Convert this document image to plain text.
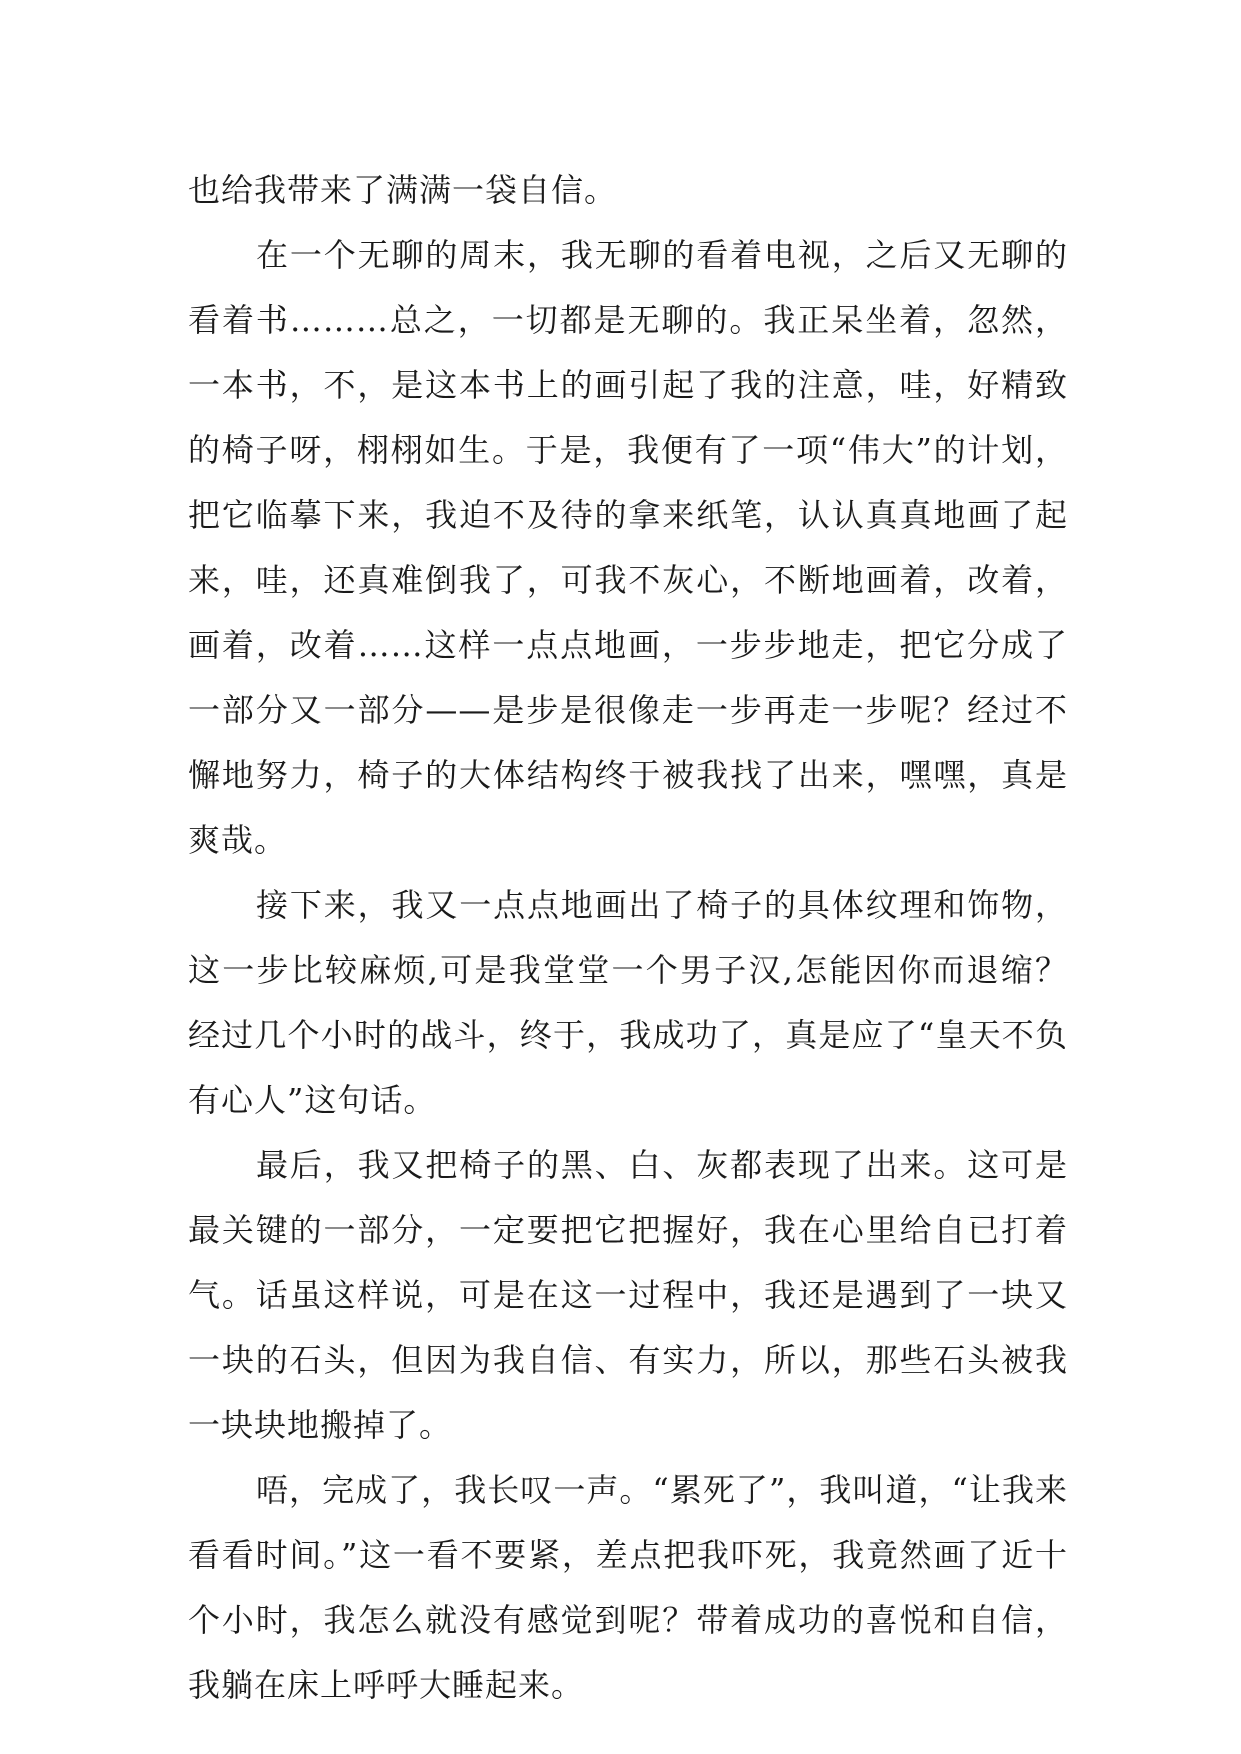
也给我带来了满满一袋自信。

在一个无聊的周末，我无聊的看着电视，之后又无聊的看着书………总之，一切都是无聊的。我正呆坐着，忽然，一本书，不，是这本书上的画引起了我的注意，哇，好精致的椅子呀，栩栩如生。于是，我便有了一项“伟大”的计划，把它临摹下来，我迫不及待的拿来纸笔，认认真真地画了起来，哇，还真难倒我了，可我不灰心，不断地画着，改着，画着，改着……这样一点点地画，一步步地走，把它分成了一部分又一部分——是步是很像走一步再走一步呢？经过不懈地努力，椅子的大体结构终于被我找了出来，嘿嘿，真是爽哉。

接下来，我又一点点地画出了椅子的具体纹理和饰物，这一步比较麻烦,可是我堂堂一个男子汉,怎能因你而退缩？经过几个小时的战斗，终于，我成功了，真是应了“皇天不负有心人”这句话。

最后，我又把椅子的黑、白、灰都表现了出来。这可是最关键的一部分，一定要把它把握好，我在心里给自已打着气。话虽这样说，可是在这一过程中，我还是遇到了一块又一块的石头，但因为我自信、有实力，所以，那些石头被我一块块地搬掉了。

唔，完成了，我长叹一声。“累死了”，我叫道，“让我来看看时间。”这一看不要紧，差点把我吓死，我竟然画了近十个小时，我怎么就没有感觉到呢？带着成功的喜悦和自信，我躺在床上呼呼大睡起来。
